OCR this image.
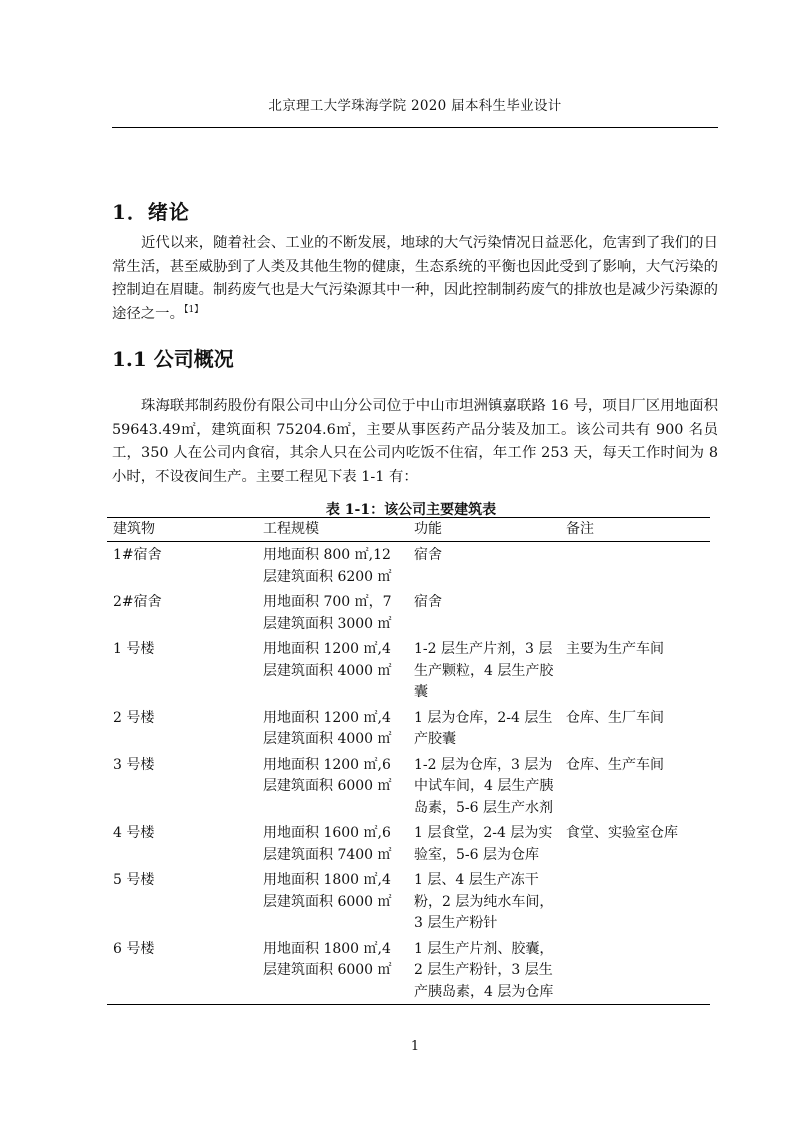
北京理工大学珠海学院 2020 届本科生毕业设计
1．绪论

近代以来，随着社会、工业的不断发展，地球的大气污染情况日益恶化，危害到了我们的日常生活，甚至威胁到了人类及其他生物的健康，生态系统的平衡也因此受到了影响，大气污染的控制迫在眉睫。制药废气也是大气污染源其中一种，因此控制制药废气的排放也是减少污染源的途径之一。$^{【1】}$

1.1 公司概况

珠海联邦制药股份有限公司中山分公司位于中山市坦洲镇嘉联路 16 号，项目厂区用地面积 59643.49㎡，建筑面积 75204.6㎡，主要从事医药产品分装及加工。该公司共有 900 名员工，350 人在公司内食宿，其余人只在公司内吃饭不住宿，年工作 253 天，每天工作时间为 8 小时，不设夜间生产。主要工程见下表 1-1 有：

表 1-1：该公司主要建筑表
建筑物	工程规模	功能	备注
1#宿舍	用地面积 800 ㎡,12 层建筑面积 6200 ㎡	宿舍	
2#宿舍	用地面积 700 ㎡，7 层建筑面积 3000 ㎡	宿舍	
1 号楼	用地面积 1200 ㎡,4 层建筑面积 4000 ㎡	1-2 层生产片剂，3 层生产颗粒，4 层生产胶囊	主要为生产车间
2 号楼	用地面积 1200 ㎡,4 层建筑面积 4000 ㎡	1 层为仓库，2-4 层生产胶囊	仓库、生厂车间
3 号楼	用地面积 1200 ㎡,6 层建筑面积 6000 ㎡	1-2 层为仓库，3 层为中试车间，4 层生产胰岛素，5-6 层生产水剂	仓库、生产车间
4 号楼	用地面积 1600 ㎡,6 层建筑面积 7400 ㎡	1 层食堂，2-4 层为实验室，5-6 层为仓库	食堂、实验室仓库
5 号楼	用地面积 1800 ㎡,4 层建筑面积 6000 ㎡	1 层、4 层生产冻干粉，2 层为纯水车间，3 层生产粉针	
6 号楼	用地面积 1800 ㎡,4 层建筑面积 6000 ㎡	1 层生产片剂、胶囊，2 层生产粉针，3 层生产胰岛素，4 层为仓库	
1
